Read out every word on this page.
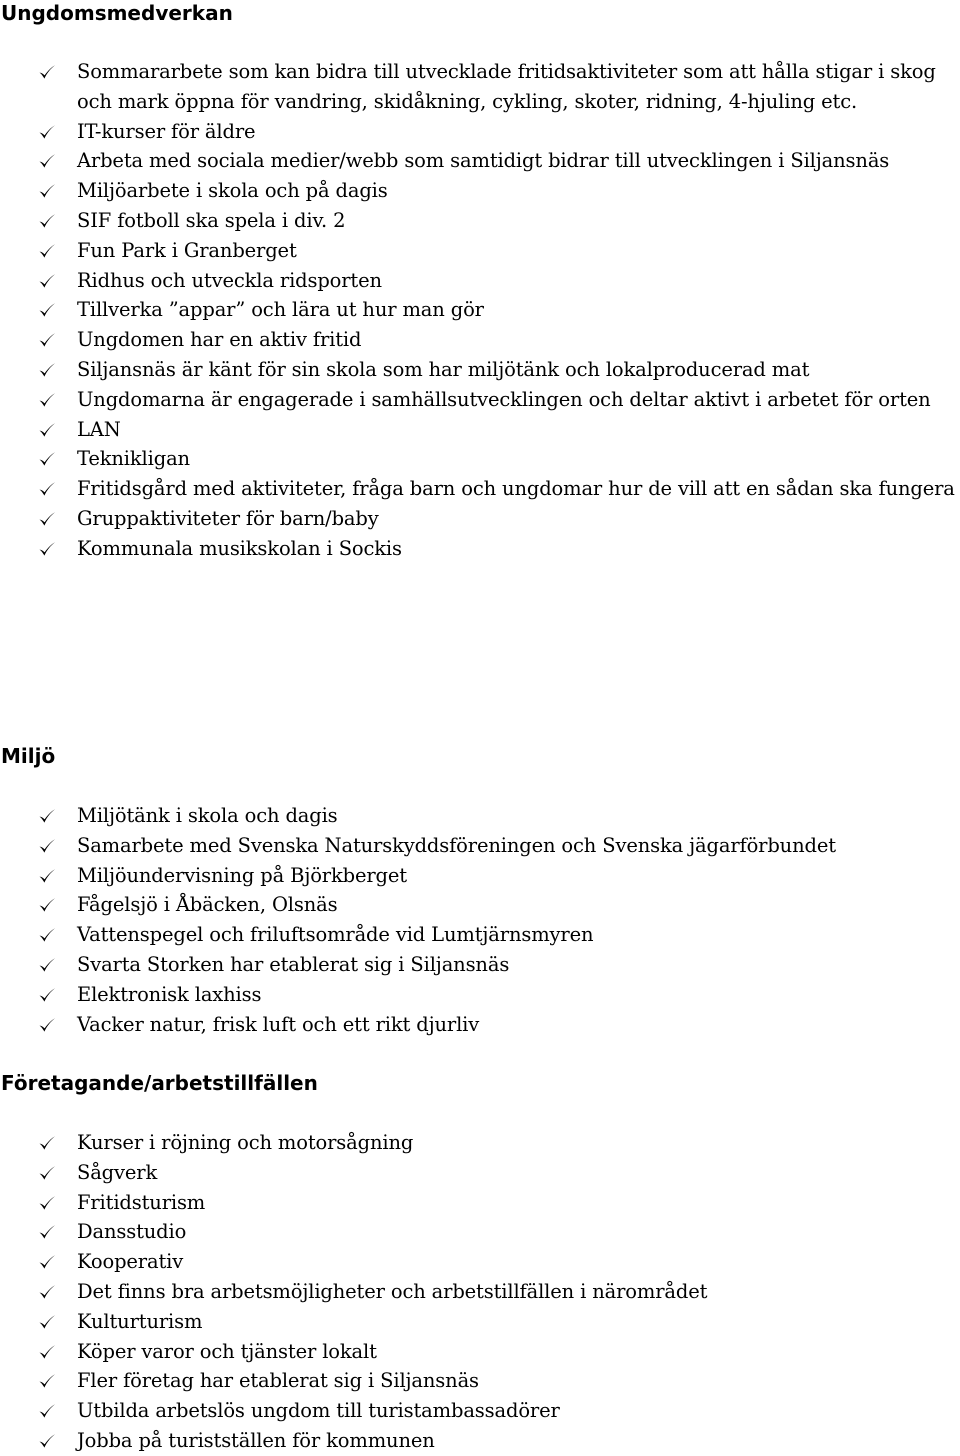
Ungdomsmedverkan
Sommararbete som kan bidra till utvecklade fritidsaktiviteter som att hålla stigar i skog och mark öppna för vandring, skidåkning, cykling, skoter, ridning, 4-hjuling etc.
IT-kurser för äldre
Arbeta med sociala medier/webb som samtidigt bidrar till utvecklingen i Siljansnäs
Miljöarbete i skola och på dagis
SIF fotboll ska spela i div. 2
Fun Park i Granberget
Ridhus och utveckla ridsporten
Tillverka ”appar” och lära ut hur man gör
Ungdomen har en aktiv fritid
Siljansnäs är känt för sin skola som har miljötänk och lokalproducerad mat
Ungdomarna är engagerade i samhällsutvecklingen och deltar aktivt i arbetet för orten
LAN
Teknikligan
Fritidsgård med aktiviteter, fråga barn och ungdomar hur de vill att en sådan ska fungera
Gruppaktiviteter för barn/baby
Kommunala musikskolan i Sockis
Miljö
Miljötänk i skola och dagis
Samarbete med Svenska Naturskyddsföreningen och Svenska jägarförbundet
Miljöundervisning på Björkberget
Fågelsjö i Åbäcken, Olsnäs
Vattenspegel och friluftsområde vid Lumtjärnsmyren
Svarta Storken har etablerat sig i Siljansnäs
Elektronisk laxhiss
Vacker natur, frisk luft och ett rikt djurliv
Företagande/arbetstillfällen
Kurser i röjning och motorsågning
Sågverk
Fritidsturism
Dansstudio
Kooperativ
Det finns bra arbetsmöjligheter och arbetstillfällen i närområdet
Kulturturism
Köper varor och tjänster lokalt
Fler företag har etablerat sig i Siljansnäs
Utbilda arbetslös ungdom till turistambassadörer
Jobba på turistställen för kommunen
